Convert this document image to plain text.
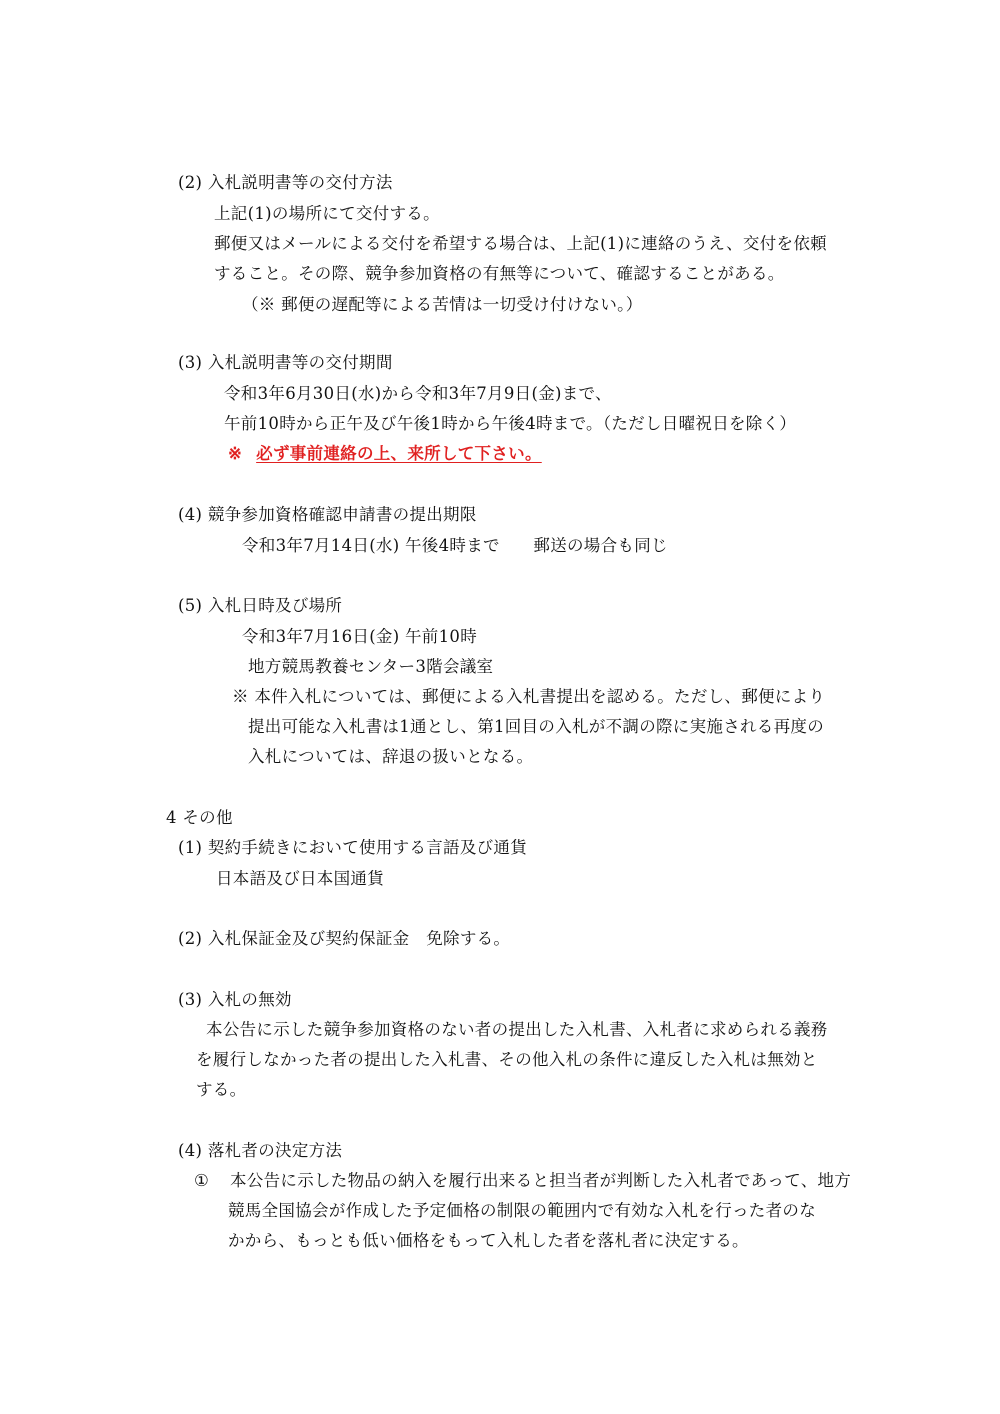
(2) 入札説明書等の交付方法
上記(1)の場所にて交付する。
郵便又はメールによる交付を希望する場合は、上記(1)に連絡のうえ、交付を依頼
すること。その際、競争参加資格の有無等について、確認することがある。
（※ 郵便の遅配等による苦情は一切受け付けない。）
(3) 入札説明書等の交付期間
令和3年6月30日(水)から令和3年7月9日(金)まで、
午前10時から正午及び午後1時から午後4時まで。（ただし日曜祝日を除く）
※ 必ず事前連絡の上、来所して下さい。
(4) 競争参加資格確認申請書の提出期限
令和3年7月14日(水) 午後4時まで　　郵送の場合も同じ
(5) 入札日時及び場所
令和3年7月16日(金) 午前10時
地方競馬教養センター3階会議室
※ 本件入札については、郵便による入札書提出を認める。ただし、郵便により
提出可能な入札書は1通とし、第1回目の入札が不調の際に実施される再度の
入札については、辞退の扱いとなる。
4 その他
(1) 契約手続きにおいて使用する言語及び通貨
日本語及び日本国通貨
(2) 入札保証金及び契約保証金　免除する。
(3) 入札の無効
本公告に示した競争参加資格のない者の提出した入札書、入札者に求められる義務
を履行しなかった者の提出した入札書、その他入札の条件に違反した入札は無効と
する。
(4) 落札者の決定方法
① 本公告に示した物品の納入を履行出来ると担当者が判断した入札者であって、地方
競馬全国協会が作成した予定価格の制限の範囲内で有効な入札を行った者のな
かから、もっとも低い価格をもって入札した者を落札者に決定する。
